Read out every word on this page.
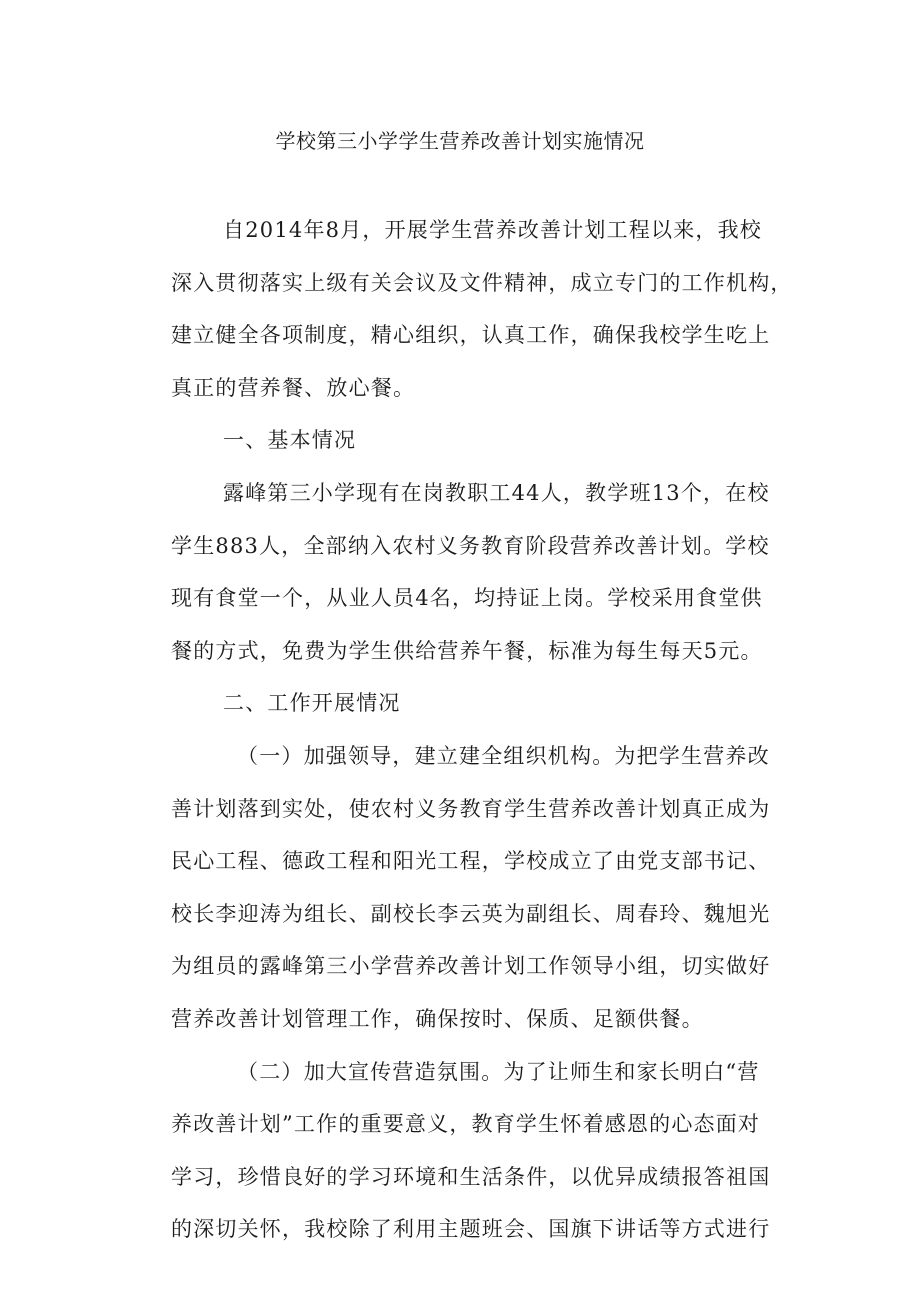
学校第三小学学生营养改善计划实施情况
自2014年8月，开展学生营养改善计划工程以来，我校
深入贯彻落实上级有关会议及文件精神，成立专门的工作机构，
建立健全各项制度，精心组织，认真工作，确保我校学生吃上
真正的营养餐、放心餐。
一、基本情况
露峰第三小学现有在岗教职工44人，教学班13个，在校
学生883人，全部纳入农村义务教育阶段营养改善计划。学校
现有食堂一个，从业人员4名，均持证上岗。学校采用食堂供
餐的方式，免费为学生供给营养午餐，标准为每生每天5元。
二、工作开展情况
（一）加强领导，建立建全组织机构。为把学生营养改
善计划落到实处，使农村义务教育学生营养改善计划真正成为
民心工程、德政工程和阳光工程，学校成立了由党支部书记、
校长李迎涛为组长、副校长李云英为副组长、周春玲、魏旭光
为组员的露峰第三小学营养改善计划工作领导小组，切实做好
营养改善计划管理工作，确保按时、保质、足额供餐。
（二）加大宣传营造氛围。为了让师生和家长明白“营
养改善计划”工作的重要意义，教育学生怀着感恩的心态面对
学习，珍惜良好的学习环境和生活条件，以优异成绩报答祖国
的深切关怀，我校除了利用主题班会、国旗下讲话等方式进行
